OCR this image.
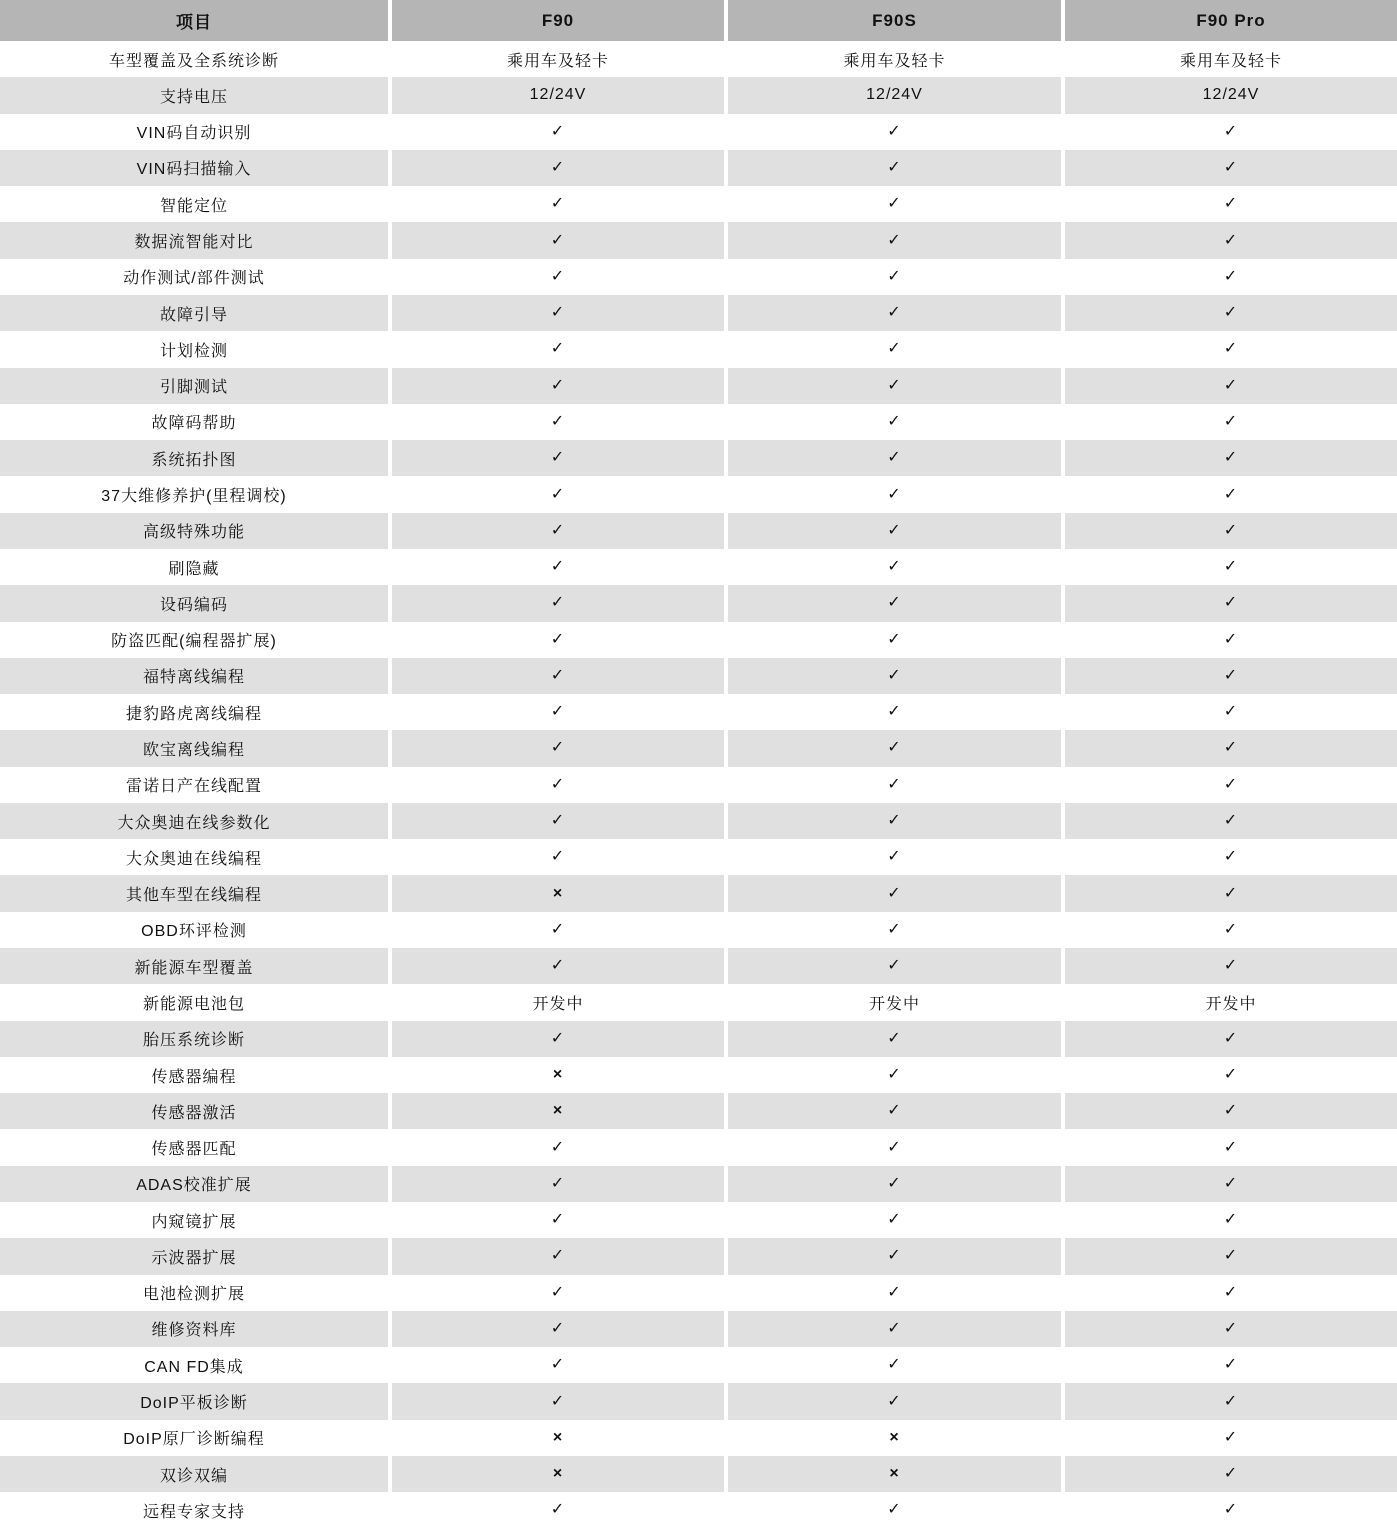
项目	F90	F90S	F90 Pro
车型覆盖及全系统诊断	乘用车及轻卡	乘用车及轻卡	乘用车及轻卡
支持电压	12/24V	12/24V	12/24V
VIN码自动识别	✓	✓	✓
VIN码扫描输入	✓	✓	✓
智能定位	✓	✓	✓
数据流智能对比	✓	✓	✓
动作测试/部件测试	✓	✓	✓
故障引导	✓	✓	✓
计划检测	✓	✓	✓
引脚测试	✓	✓	✓
故障码帮助	✓	✓	✓
系统拓扑图	✓	✓	✓
37大维修养护(里程调校)	✓	✓	✓
高级特殊功能	✓	✓	✓
刷隐藏	✓	✓	✓
设码编码	✓	✓	✓
防盗匹配(编程器扩展)	✓	✓	✓
福特离线编程	✓	✓	✓
捷豹路虎离线编程	✓	✓	✓
欧宝离线编程	✓	✓	✓
雷诺日产在线配置	✓	✓	✓
大众奥迪在线参数化	✓	✓	✓
大众奥迪在线编程	✓	✓	✓
其他车型在线编程	×	✓	✓
OBD环评检测	✓	✓	✓
新能源车型覆盖	✓	✓	✓
新能源电池包	开发中	开发中	开发中
胎压系统诊断	✓	✓	✓
传感器编程	×	✓	✓
传感器激活	×	✓	✓
传感器匹配	✓	✓	✓
ADAS校准扩展	✓	✓	✓
内窥镜扩展	✓	✓	✓
示波器扩展	✓	✓	✓
电池检测扩展	✓	✓	✓
维修资料库	✓	✓	✓
CAN FD集成	✓	✓	✓
DoIP平板诊断	✓	✓	✓
DoIP原厂诊断编程	×	×	✓
双诊双编	×	×	✓
远程专家支持	✓	✓	✓
